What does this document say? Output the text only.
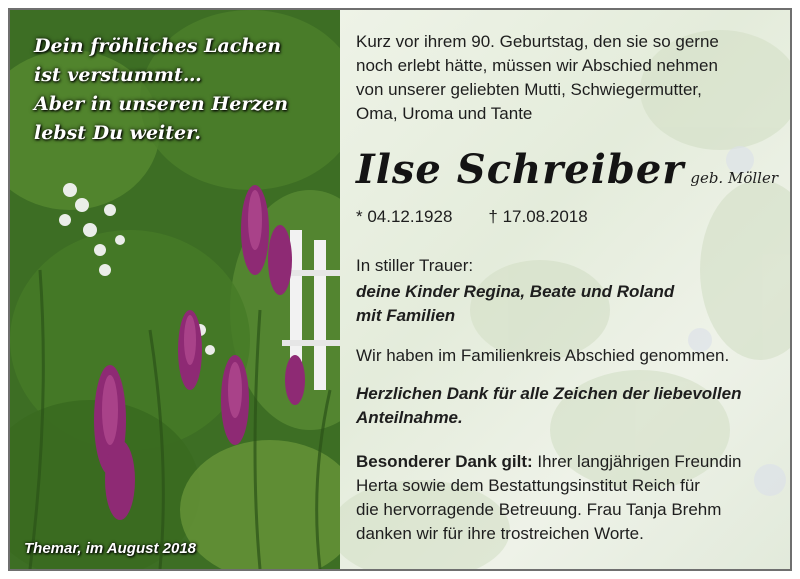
Dein fröhliches Lachen
ist verstummt…
Aber in unseren Herzen
lebst Du weiter.

Themar, im August 2018

Kurz vor ihrem 90. Geburtstag, den sie so gerne
noch erlebt hätte, müssen wir Abschied nehmen
von unserer geliebten Mutti, Schwiegermutter,
Oma, Uroma und Tante

Ilse Schreiber geb. Möller
* 04.12.1928 † 17.08.2018

In stiller Trauer:

deine Kinder Regina, Beate und Roland
mit Familien

Wir haben im Familienkreis Abschied genommen.

Herzlichen Dank für alle Zeichen der liebevollen
Anteilnahme.

Besonderer Dank gilt: Ihrer langjährigen Freundin
Herta sowie dem Bestattungsinstitut Reich für
die hervorragende Betreuung. Frau Tanja Brehm
danken wir für ihre trostreichen Worte.
